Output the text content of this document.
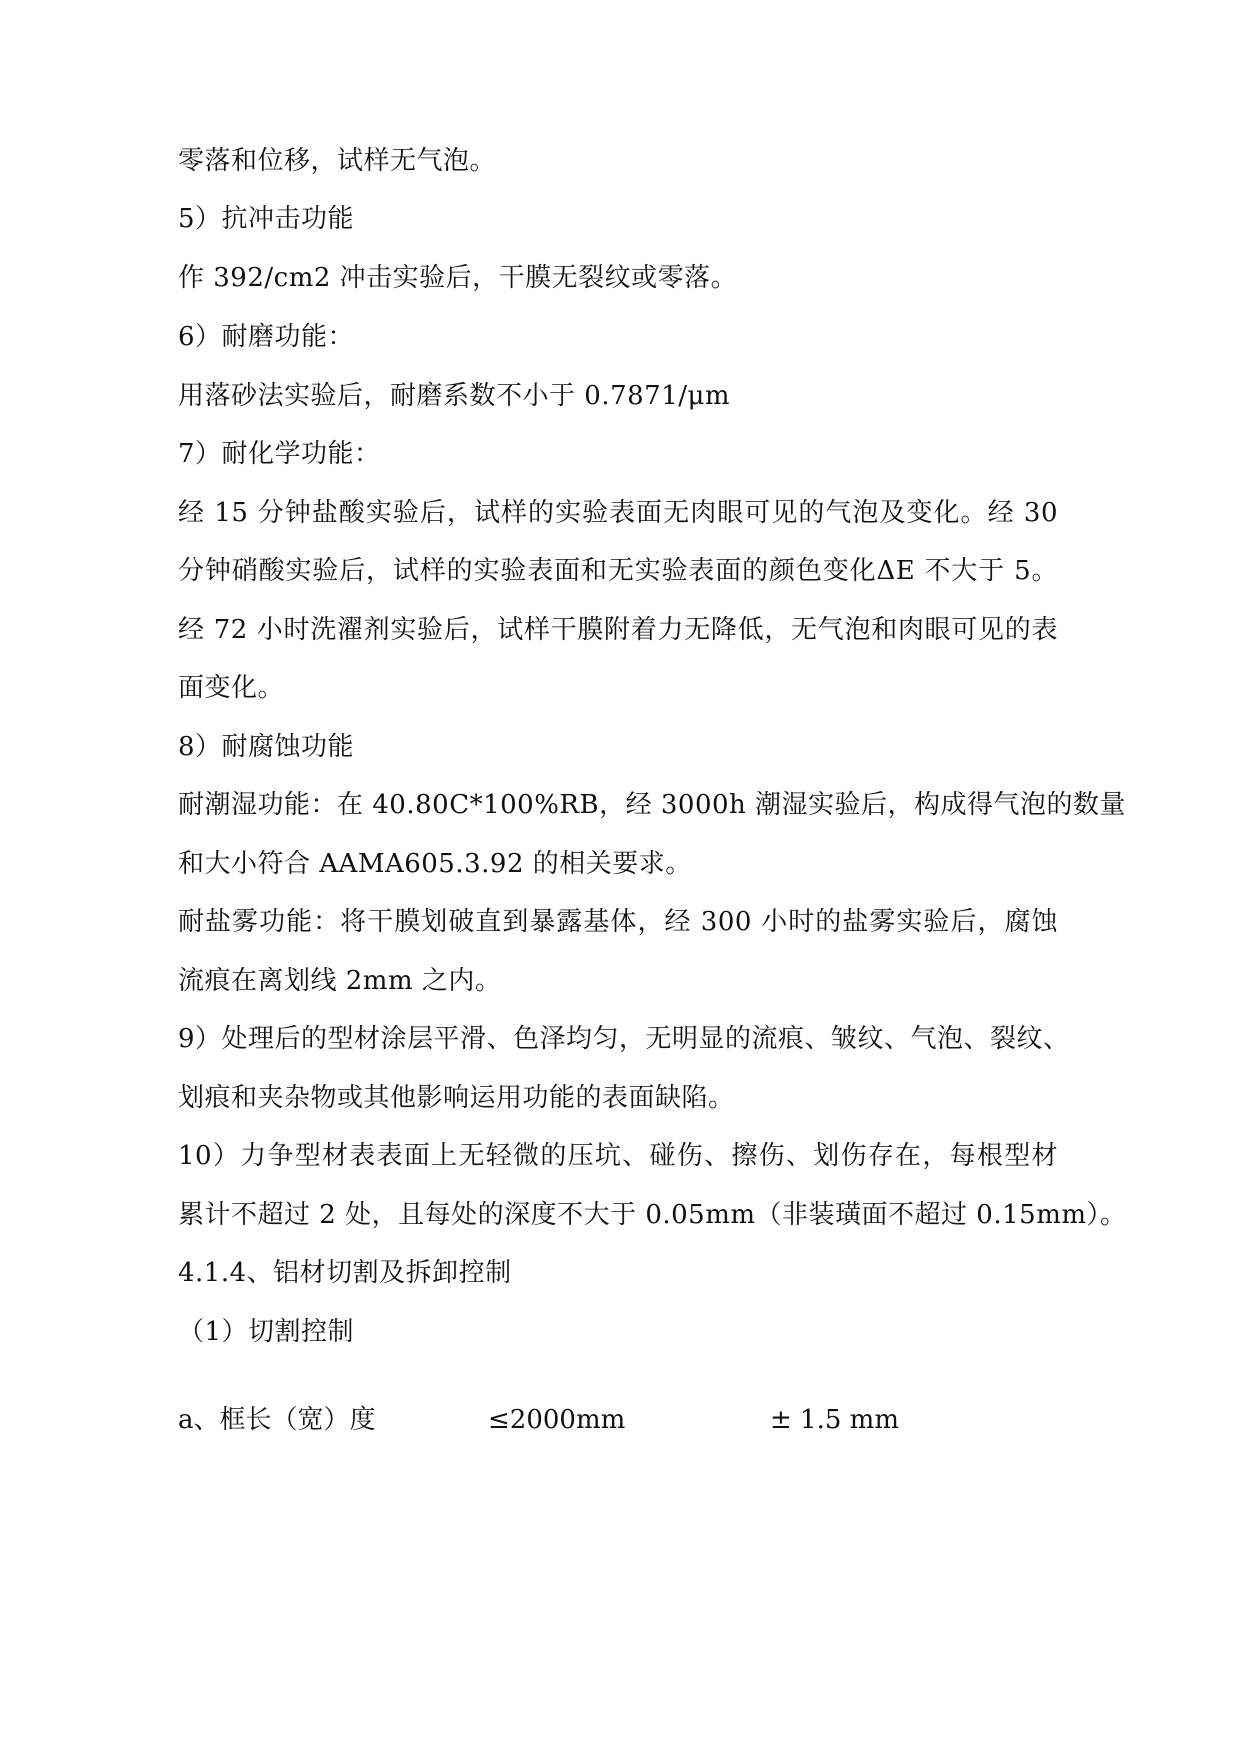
零落和位移，试样无气泡。
5）抗冲击功能
作 392/cm2 冲击实验后，干膜无裂纹或零落。
6）耐磨功能：
用落砂法实验后，耐磨系数不小于 0.7871/μm
7）耐化学功能：
经 15 分钟盐酸实验后，试样的实验表面无肉眼可见的气泡及变化。经 30
分钟硝酸实验后，试样的实验表面和无实验表面的颜色变化ΔE 不大于 5。
经 72 小时洗濯剂实验后，试样干膜附着力无降低，无气泡和肉眼可见的表
面变化。
8）耐腐蚀功能
耐潮湿功能：在 40.80C*100%RB，经 3000h 潮湿实验后，构成得气泡的数量
和大小符合 AAMA605.3.92 的相关要求。
耐盐雾功能：将干膜划破直到暴露基体，经 300 小时的盐雾实验后，腐蚀
流痕在离划线 2mm 之内。
9）处理后的型材涂层平滑、色泽均匀，无明显的流痕、皱纹、气泡、裂纹、
划痕和夹杂物或其他影响运用功能的表面缺陷。
10）力争型材表表面上无轻微的压坑、碰伤、擦伤、划伤存在，每根型材
累计不超过 2 处，且每处的深度不大于 0.05mm（非装璜面不超过 0.15mm）。
4.1.4、铝材切割及拆卸控制
（1）切割控制
a、框长（宽）度	≤2000mm	± 1.5 mm
